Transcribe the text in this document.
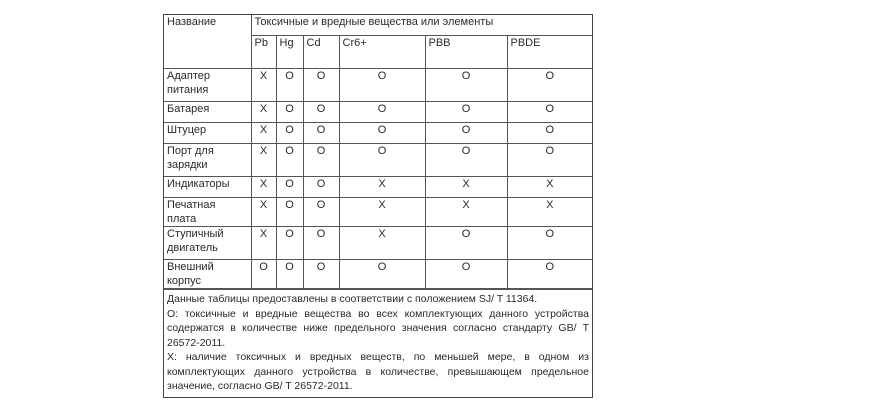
Название	Токсичные и вредные вещества или элементы					
	Pb	Hg	Cd	Cr6+	PBB	PBDE
Адаптер питания	X	O	O	O	O	O
Батарея	X	O	O	O	O	O
Штуцер	X	O	O	O	O	O
Порт для зарядки	X	O	O	O	O	O
Индикаторы	X	O	O	X	X	X
Печатная плата	X	O	O	X	X	X
Ступичный двигатель	X	O	O	X	O	O
Внешний корпус	O	O	O	O	O	O

Данные таблицы предоставлены в соответствии с положением SJ/ T 11364.

O: токсичные и вредные вещества во всех комплектующих данного устройства содержатся в количестве ниже предельного значения согласно стандарту GB/ T 26572-2011.

X: наличие токсичных и вредных веществ, по меньшей мере, в одном из комплектующих данного устройства в количестве, превышающем предельное значение, согласно GB/ T 26572-2011.
